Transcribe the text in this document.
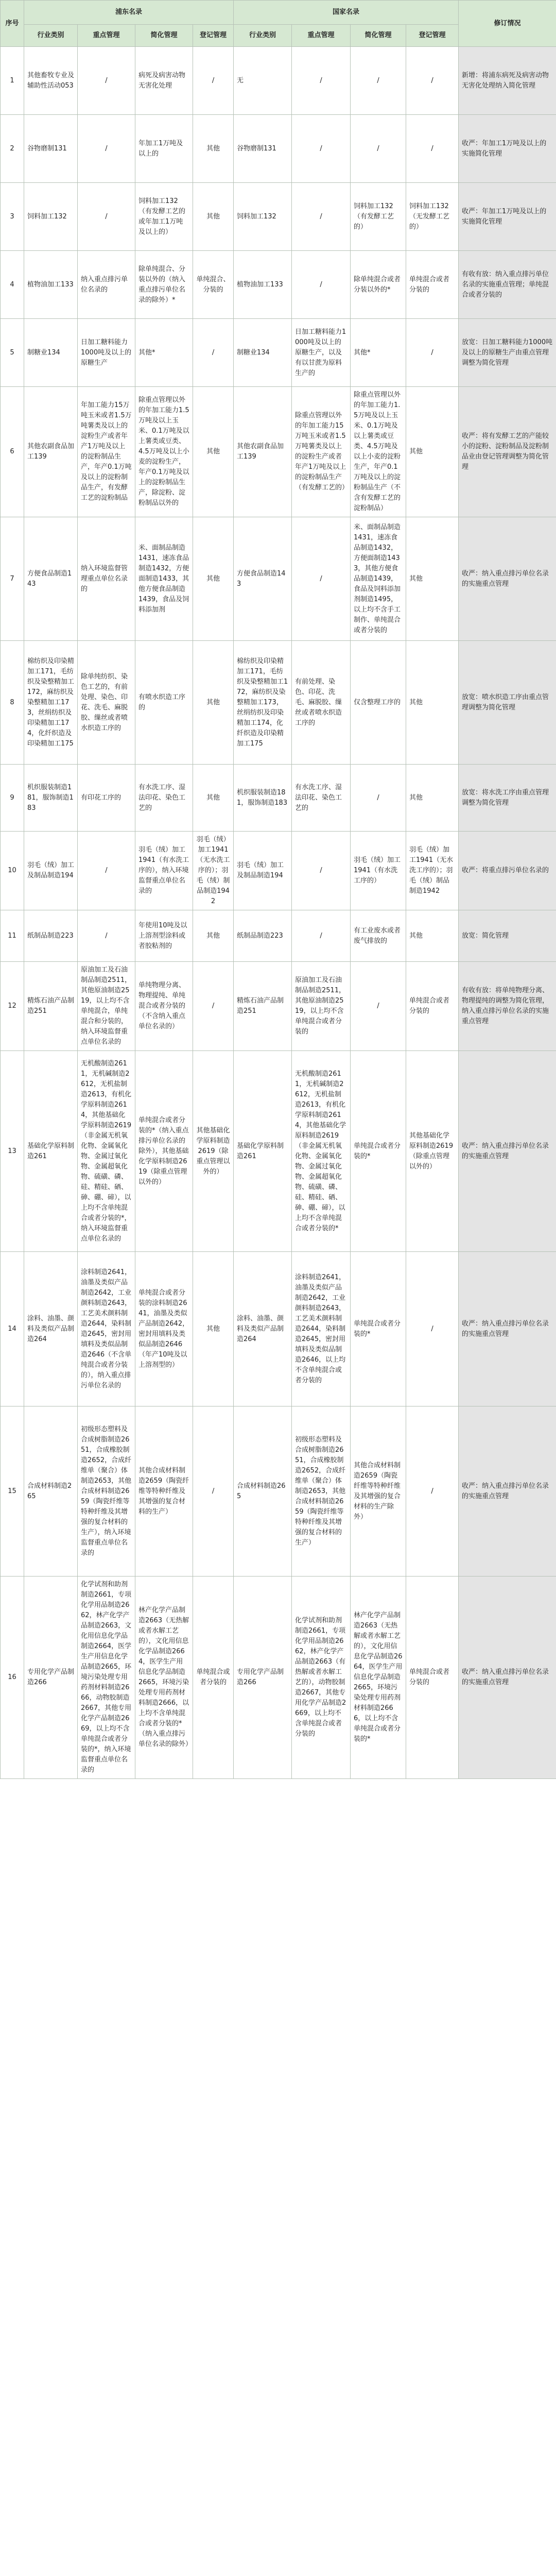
序号	浦东名录				国家名录				修订情况
	行业类别	重点管理	简化管理	登记管理	行业类别	重点管理	简化管理	登记管理	
1	其他畜牧专业及辅助性活动053	/	病死及病害动物无害化处理	/	无	/	/	/	新增：将浦东病死及病害动物无害化处理纳入简化管理
2	谷物磨制131	/	年加工1万吨及以上的	其他	谷物磨制131	/	/	/	收严：年加工1万吨及以上的实施简化管理
3	饲料加工132	/	饲料加工132（有发酵工艺的或年加工1万吨及以上的）	其他	饲料加工132	/	饲料加工132（有发酵工艺的）	饲料加工132（无发酵工艺的）	收严：年加工1万吨及以上的实施简化管理
4	植物油加工133	纳入重点排污单位名录的	除单纯混合、分装以外的（纳入重点排污单位名录的除外）*	单纯混合、分装的	植物油加工133	/	除单纯混合或者分装以外的*	单纯混合或者分装的	有收有放：纳入重点排污单位名录的实施重点管理；单纯混合或者分装的
5	制糖业134	日加工糖料能力1000吨及以上的原糖生产	其他*	/	制糖业134	日加工糖料能力1000吨及以上的原糖生产，以及有以甘蔗为原料生产的	其他*	/	放宽：日加工糖料能力1000吨及以上的原糖生产由重点管理调整为简化管理
6	其他农副食品加工139	年加工能力15万吨玉米或者1.5万吨薯类及以上的淀粉生产或者年产1万吨及以上的淀粉制品生产，年产0.1万吨及以上的淀粉制品生产，有发酵工艺的淀粉制品	除重点管理以外的年加工能力1.5万吨及以上玉米、0.1万吨及以上薯类或豆类、4.5万吨及以上小麦的淀粉生产，年产0.1万吨及以上的淀粉制品生产，除淀粉、淀粉制品以外的	其他	其他农副食品加工139	除重点管理以外的年加工能力15万吨玉米或者1.5万吨薯类及以上的淀粉生产或者年产1万吨及以上的淀粉制品生产（有发酵工艺的）	除重点管理以外的年加工能力1.5万吨及以上玉米、0.1万吨及以上薯类或豆类、4.5万吨及以上小麦的淀粉生产，年产0.1万吨及以上的淀粉制品生产（不含有发酵工艺的淀粉制品）	其他	收严：将有发酵工艺的产能较小的淀粉、淀粉制品及淀粉制品业由登记管理调整为简化管理
7	方便食品制造143	纳入环境监督管理重点单位名录的	米、面制品制造1431，速冻食品制造1432，方便面制造1433，其他方便食品制造1439，食品及饲料添加剂	其他	方便食品制造143	/	米、面制品制造1431，速冻食品制造1432，方便面制造1433，其他方便食品制造1439，食品及饲料添加剂制造1495，以上均不含手工制作、单纯混合或者分装的	其他	收严：纳入重点排污单位名录的实施重点管理
8	棉纺织及印染精加工171，毛纺织及染整精加工172，麻纺织及染整精加工173，丝绢纺织及印染精加工174，化纤织造及印染精加工175	除单纯纺织、染色工艺的，有前处理、染色、印花、洗毛、麻脱胶、缫丝或者喷水织造工序的	有喷水织造工序的	其他	棉纺织及印染精加工171，毛纺织及染整精加工172，麻纺织及染整精加工173，丝绢纺织及印染精加工174，化纤织造及印染精加工175	有前处理、染色、印花、洗毛、麻脱胶、缫丝或者喷水织造工序的	仅含整理工序的	其他	放宽：喷水织造工序由重点管理调整为简化管理
9	机织服装制造181，服饰制造183	有印花工序的	有水洗工序、湿法印花、染色工艺的	其他	机织服装制造181，服饰制造183	有水洗工序、湿法印花、染色工艺的	/	其他	放宽：将水洗工序由重点管理调整为简化管理
10	羽毛（绒）加工及制品制造194	/	羽毛（绒）加工1941（有水洗工序的），纳入环境监督重点单位名录的	羽毛（绒）加工1941（无水洗工序的）；羽毛（绒）制品制造1942	羽毛（绒）加工及制品制造194	/	羽毛（绒）加工1941（有水洗工序的）	羽毛（绒）加工1941（无水洗工序的）；羽毛（绒）制品制造1942	收严：将重点排污单位名录的
11	纸制品制造223	/	年使用10吨及以上溶剂型涂料或者胶粘剂的	其他	纸制品制造223	/	有工业废水或者废气排放的	其他	放宽：简化管理
12	精炼石油产品制造251	原油加工及石油制品制造2511，其他原油制造2519，以上均不含单纯混合，单纯混合和分装的，纳入环境监督重点单位名录的	单纯物理分离、物理提纯、单纯混合或者分装的（不含纳入重点单位名录的）	/	精炼石油产品制造251	原油加工及石油制品制造2511，其他原油制造2519，以上均不含单纯混合或者分装的	/	单纯混合或者分装的	有收有放：将单纯物理分离、物理提纯的调整为简化管理，纳入重点排污单位名录的实施重点管理
13	基础化学原料制造261	无机酸制造2611，无机碱制造2612，无机盐制造2613，有机化学原料制造2614，其他基础化学原料制造2619（非金属无机氧化物、金属氧化物、金属过氧化物、金属超氧化物、硫磺、磷、硅、精硅、硒、砷、硼、碲），以上均不含单纯混合或者分装的*，纳入环境监督重点单位名录的	单纯混合或者分装的*（纳入重点排污单位名录的除外），其他基础化学原料制造2619（除重点管理以外的）	其他基础化学原料制造2619（除重点管理以外的）	基础化学原料制造261	无机酸制造2611，无机碱制造2612，无机盐制造2613，有机化学原料制造2614，其他基础化学原料制造2619（非金属无机氧化物、金属氧化物、金属过氧化物、金属超氧化物、硫磺、磷、硅、精硅、硒、砷、硼、碲），以上均不含单纯混合或者分装的*	单纯混合或者分装的*	其他基础化学原料制造2619（除重点管理以外的）	收严：纳入重点排污单位名录的实施重点管理
14	涂料、油墨、颜料及类似产品制造264	涂料制造2641，油墨及类似产品制造2642，工业颜料制造2643，工艺美术颜料制造2644，染料制造2645，密封用填料及类似品制造2646（不含单纯混合或者分装的），纳入重点排污单位名录的	单纯混合或者分装的涂料制造2641，油墨及类似产品制造2642，密封用填料及类似品制造2646（年产10吨及以上溶剂型的）	其他	涂料、油墨、颜料及类似产品制造264	涂料制造2641，油墨及类似产品制造2642，工业颜料制造2643，工艺美术颜料制造2644，染料制造2645，密封用填料及类似品制造2646，以上均不含单纯混合或者分装的	单纯混合或者分装的*	/	收严：纳入重点排污单位名录的实施重点管理
15	合成材料制造265	初级形态塑料及合成树脂制造2651，合成橡胶制造2652，合成纤维单（聚合）体制造2653，其他合成材料制造2659（陶瓷纤维等特种纤维及其增强的复合材料的生产），纳入环境监督重点单位名录的	其他合成材料制造2659（陶瓷纤维等特种纤维及其增强的复合材料的生产）	/	合成材料制造265	初级形态塑料及合成树脂制造2651，合成橡胶制造2652，合成纤维单（聚合）体制造2653，其他合成材料制造2659（陶瓷纤维等特种纤维及其增强的复合材料的生产）	其他合成材料制造2659（陶瓷纤维等特种纤维及其增强的复合材料的生产除外）	/	收严：纳入重点排污单位名录的实施重点管理
16	专用化学产品制造266	化学试剂和助剂制造2661，专项化学用品制造2662，林产化学产品制造2663，文化用信息化学品制造2664，医学生产用信息化学品制造2665，环境污染处理专用药剂材料制造2666，动物胶制造2667，其他专用化学产品制造2669，以上均不含单纯混合或者分装的*，纳入环境监督重点单位名录的	林产化学产品制造2663（无热解或者水解工艺的），文化用信息化学品制造2664，医学生产用信息化学品制造2665，环境污染处理专用药剂材料制造2666，以上均不含单纯混合或者分装的*（纳入重点排污单位名录的除外）	单纯混合或者分装的	专用化学产品制造266	化学试剂和助剂制造2661，专项化学用品制造2662，林产化学产品制造2663（有热解或者水解工艺的），动物胶制造2667，其他专用化学产品制造2669，以上均不含单纯混合或者分装的	林产化学产品制造2663（无热解或者水解工艺的），文化用信息化学品制造2664，医学生产用信息化学品制造2665，环境污染处理专用药剂材料制造2666，以上均不含单纯混合或者分装的*	单纯混合或者分装的	收严：纳入重点排污单位名录的实施重点管理
